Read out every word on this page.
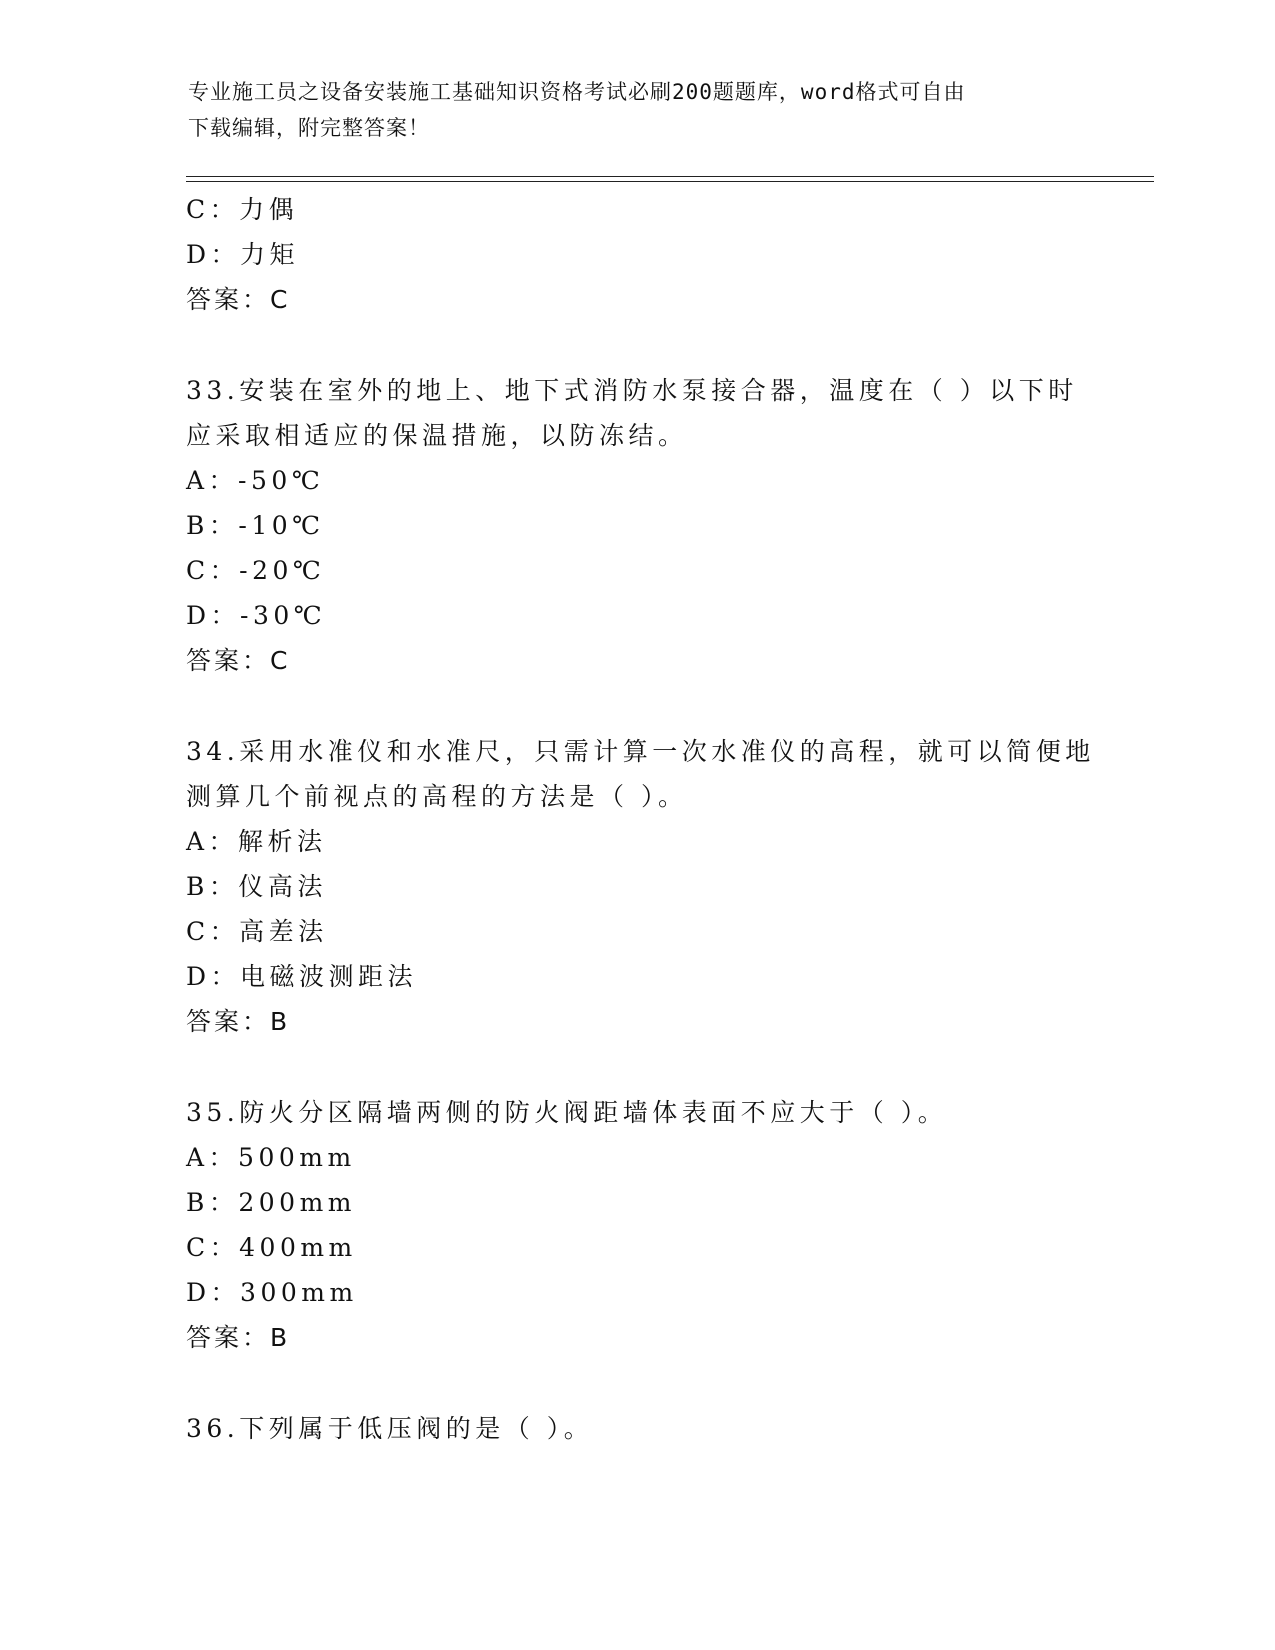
专业施工员之设备安装施工基础知识资格考试必刷200题题库，word格式可自由
下载编辑，附完整答案！
C：力偶
D：力矩
答案：C
33.安装在室外的地上、地下式消防水泵接合器，温度在（ ）以下时
应采取相适应的保温措施，以防冻结。
A：-50℃
B：-10℃
C：-20℃
D：-30℃
答案：C
34.采用水准仪和水准尺，只需计算一次水准仪的高程，就可以简便地
测算几个前视点的高程的方法是（ ）。
A：解析法
B：仪高法
C：高差法
D：电磁波测距法
答案：B
35.防火分区隔墙两侧的防火阀距墙体表面不应大于（ ）。
A：500mm
B：200mm
C：400mm
D：300mm
答案：B
36.下列属于低压阀的是（ ）。
